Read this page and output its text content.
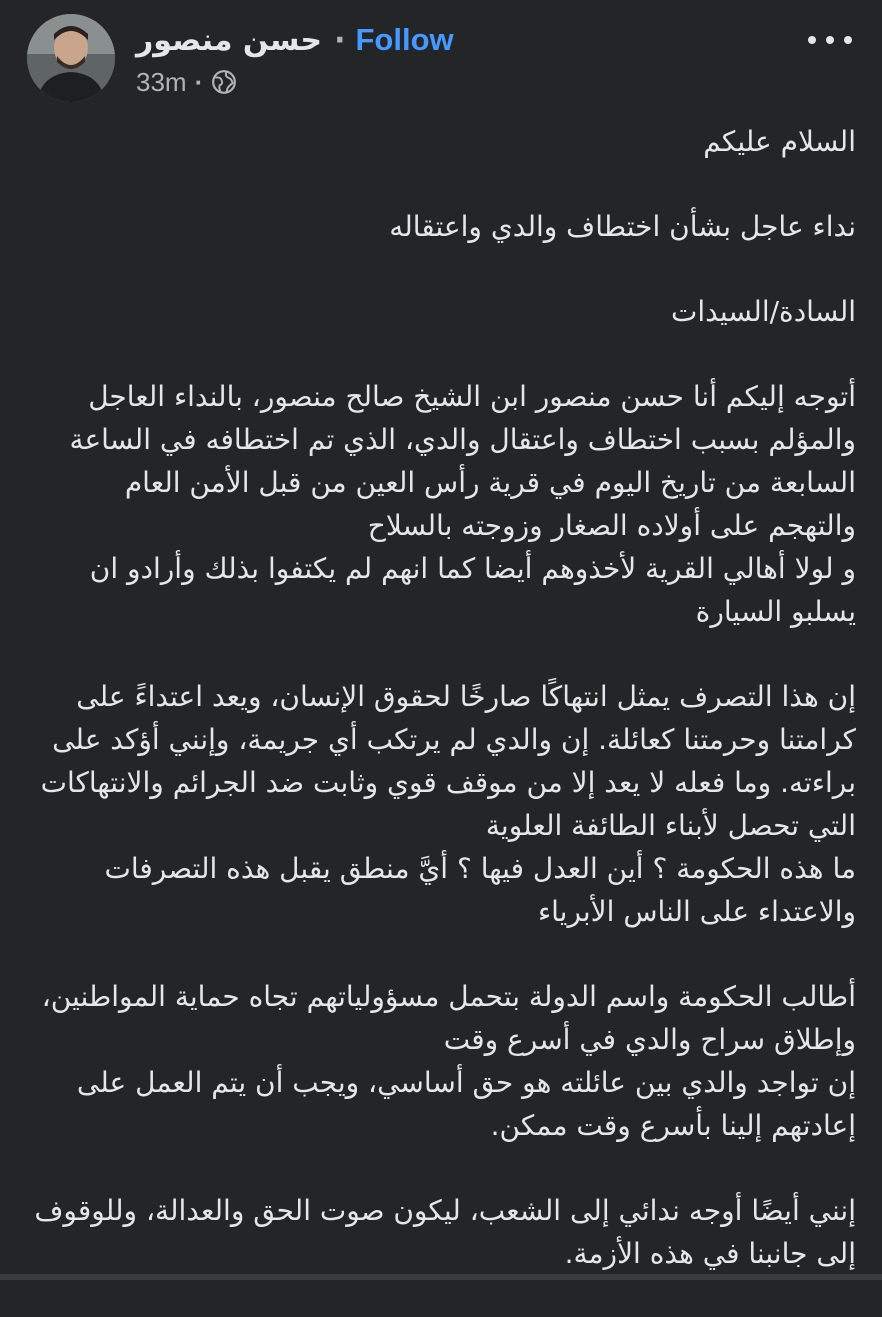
حسن منصور · Follow
33m ·

السلام عليكم

نداء عاجل بشأن اختطاف والدي واعتقاله

السادة/السيدات

أتوجه إليكم أنا حسن منصور ابن الشيخ صالح منصور، بالنداء العاجل والمؤلم بسبب اختطاف واعتقال والدي، الذي تم اختطافه في الساعة السابعة من تاريخ اليوم في قرية رأس العين من قبل الأمن العام والتهجم على أولاده الصغار وزوجته بالسلاح
و لولا أهالي القرية لأخذوهم أيضا كما انهم لم يكتفوا بذلك وأرادو ان يسلبو السيارة

إن هذا التصرف يمثل انتهاكًا صارخًا لحقوق الإنسان، ويعد اعتداءً على كرامتنا وحرمتنا كعائلة. إن والدي لم يرتكب أي جريمة، وإنني أؤكد على براءته. وما فعله لا يعد إلا من موقف قوي وثابت ضد الجرائم والانتهاكات التي تحصل لأبناء الطائفة العلوية
ما هذه الحكومة ؟ أين العدل فيها ؟ أيَّ منطق يقبل هذه التصرفات والاعتداء على الناس الأبرياء

أطالب الحكومة واسم الدولة بتحمل مسؤولياتهم تجاه حماية المواطنين، وإطلاق سراح والدي في أسرع وقت
إن تواجد والدي بين عائلته هو حق أساسي، ويجب أن يتم العمل على إعادتهم إلينا بأسرع وقت ممكن.

إنني أيضًا أوجه ندائي إلى الشعب، ليكون صوت الحق والعدالة، وللوقوف إلى جانبنا في هذه الأزمة.
